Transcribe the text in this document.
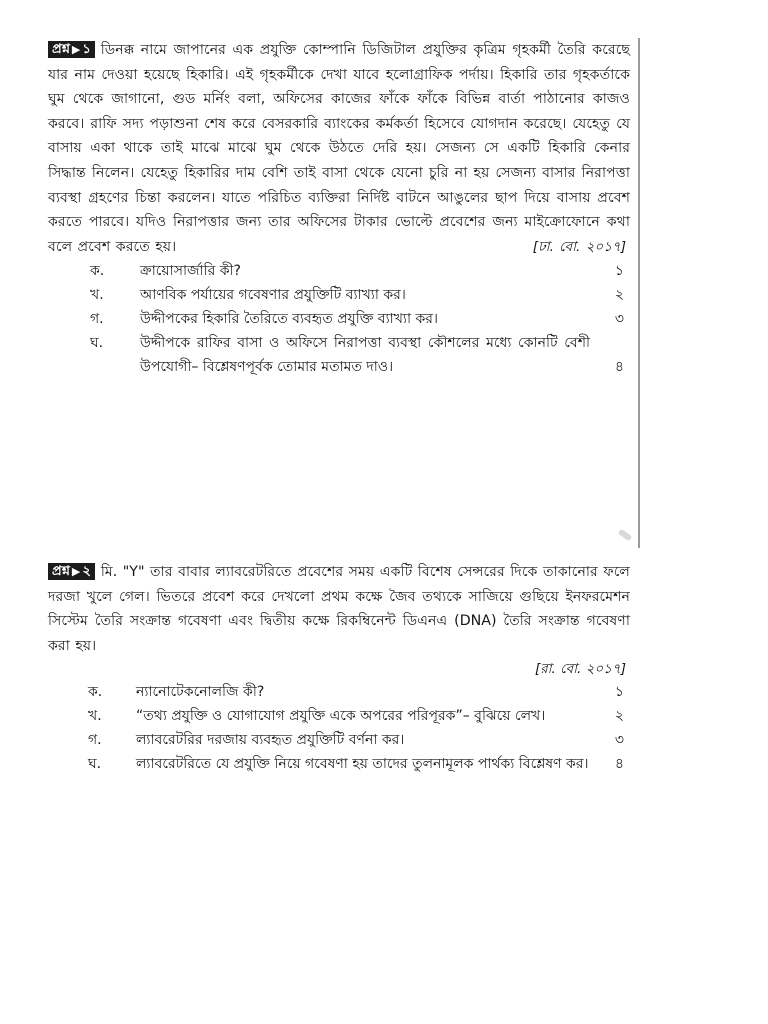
প্রশ্ন ▶ ১ ডিনক্ক নামে জাপানের এক প্রযুক্তি কোম্পানি ডিজিটাল প্রযুক্তির কৃত্রিম গৃহকর্মী তৈরি করেছে যার নাম দেওয়া হয়েছে হিকারি। এই গৃহকর্মীকে দেখা যাবে হলোগ্রাফিক পর্দায়। হিকারি তার গৃহকর্তাকে ঘুম থেকে জাগানো, গুড মর্নিং বলা, অফিসের কাজের ফাঁকে ফাঁকে বিভিন্ন বার্তা পাঠানোর কাজও করবে। রাফি সদ্য পড়াশুনা শেষ করে বেসরকারি ব্যাংকের কর্মকর্তা হিসেবে যোগদান করেছে। যেহেতু যে বাসায় একা থাকে তাই মাঝে মাঝে ঘুম থেকে উঠতে দেরি হয়। সেজন্য সে একটি হিকারি কেনার সিদ্ধান্ত নিলেন। যেহেতু হিকারির দাম বেশি তাই বাসা থেকে যেনো চুরি না হয় সেজন্য বাসার নিরাপত্তা ব্যবস্থা গ্রহণের চিন্তা করলেন। যাতে পরিচিত ব্যক্তিরা নির্দিষ্ট বাটনে আঙুলের ছাপ দিয়ে বাসায় প্রবেশ করতে পারবে। যদিও নিরাপত্তার জন্য তার অফিসের টাকার ভোল্টে প্রবেশের জন্য মাইক্রোফোনে কথা বলে প্রবেশ করতে হয়।	[ঢা. বো. ২০১৭]

ক.	ক্রায়োসার্জারি কী?	১
খ.	আণবিক পর্যায়ের গবেষণার প্রযুক্তিটি ব্যাখ্যা কর।	২
গ.	উদ্দীপকের হিকারি তৈরিতে ব্যবহৃত প্রযুক্তি ব্যাখ্যা কর।	৩
ঘ.	উদ্দীপকে রাফির বাসা ও অফিসে নিরাপত্তা ব্যবস্থা কৌশলের মধ্যে কোনটি বেশী উপযোগী– বিশ্লেষণপূর্বক তোমার মতামত দাও।	৪

প্রশ্ন ▶ ২ মি. "Y" তার বাবার ল্যাবরেটরিতে প্রবেশের সময় একটি বিশেষ সেন্সরের দিকে তাকানোর ফলে দরজা খুলে গেল। ভিতরে প্রবেশ করে দেখলো প্রথম কক্ষে জৈব তথ্যকে সাজিয়ে গুছিয়ে ইনফরমেশন সিস্টেম তৈরি সংক্রান্ত গবেষণা এবং দ্বিতীয় কক্ষে রিকম্বিনেন্ট ডিএনএ (DNA) তৈরি সংক্রান্ত গবেষণা করা হয়।

[রা. বো. ২০১৭]

ক.	ন্যানোটেকনোলজি কী?	১
খ.	“তথ্য প্রযুক্তি ও যোগাযোগ প্রযুক্তি একে অপরের পরিপূরক”– বুঝিয়ে লেখ।	২
গ.	ল্যাবরেটরির দরজায় ব্যবহৃত প্রযুক্তিটি বর্ণনা কর।	৩
ঘ.	ল্যাবরেটরিতে যে প্রযুক্তি নিয়ে গবেষণা হয় তাদের তুলনামূলক পার্থক্য বিশ্লেষণ কর।	৪
